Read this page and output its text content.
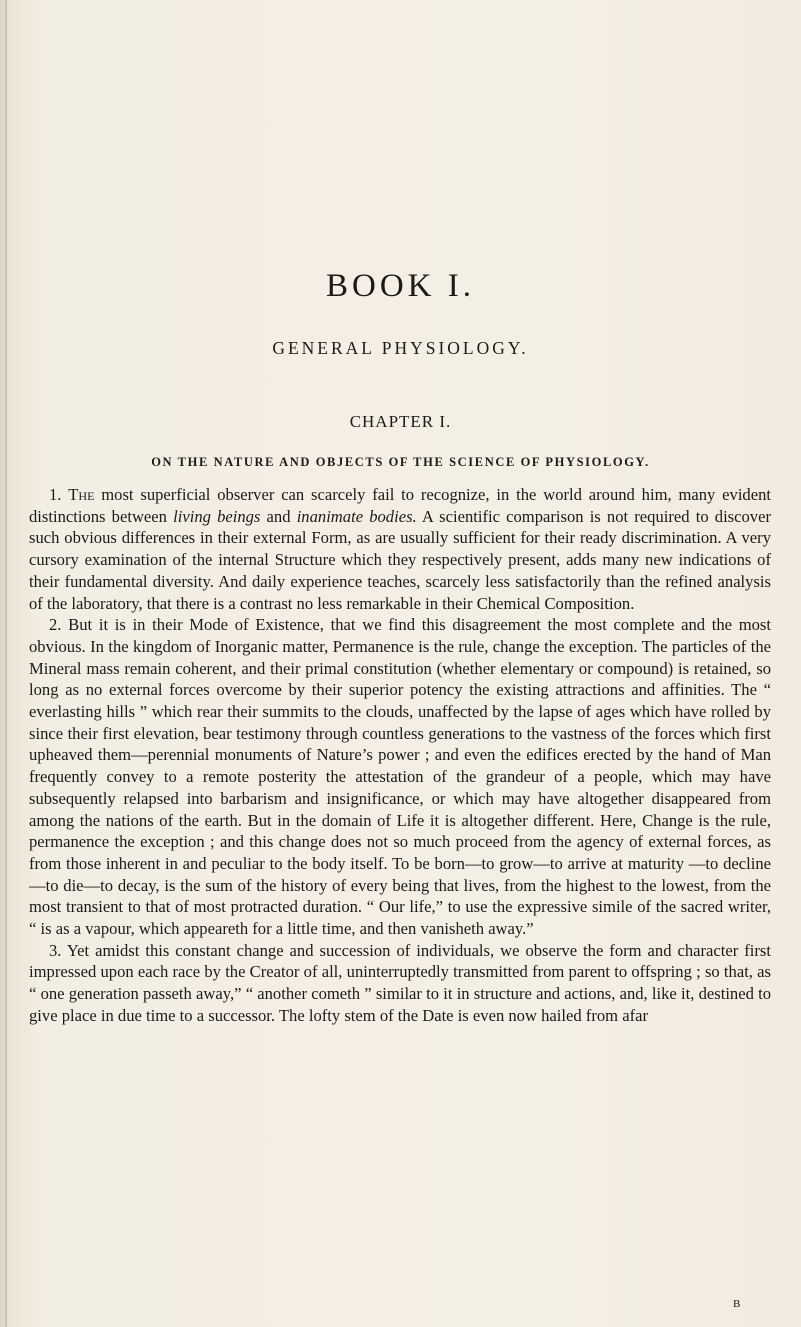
BOOK I.
GENERAL PHYSIOLOGY.
CHAPTER I.
ON THE NATURE AND OBJECTS OF THE SCIENCE OF PHYSIOLOGY.

1. The most superficial observer can scarcely fail to recognize, in the world around him, many evident distinctions between living beings and inanimate bodies. A scientific comparison is not required to discover such obvious differences in their external Form, as are usually sufficient for their ready discrimination. A very cursory examination of the internal Structure which they respectively present, adds many new indications of their fundamental diversity. And daily experience teaches, scarcely less satisfactorily than the refined analysis of the laboratory, that there is a contrast no less remarkable in their Chemical Composition.

2. But it is in their Mode of Existence, that we find this disagreement the most complete and the most obvious. In the kingdom of Inorganic matter, Permanence is the rule, change the exception. The particles of the Mineral mass remain coherent, and their primal constitution (whether elementary or compound) is retained, so long as no external forces overcome by their superior potency the existing attractions and affinities. The “ everlasting hills ” which rear their summits to the clouds, unaffected by the lapse of ages which have rolled by since their first elevation, bear testimony through countless generations to the vastness of the forces which first upheaved them—perennial monuments of Nature’s power ; and even the edifices erected by the hand of Man frequently convey to a remote posterity the attestation of the grandeur of a people, which may have subsequently relapsed into barbarism and insignificance, or which may have altogether disappeared from among the nations of the earth. But in the domain of Life it is altogether different. Here, Change is the rule, permanence the exception ; and this change does not so much proceed from the agency of external forces, as from those inherent in and peculiar to the body itself. To be born—to grow—to arrive at maturity —to decline—to die—to decay, is the sum of the history of every being that lives, from the highest to the lowest, from the most transient to that of most protracted duration. “ Our life,” to use the expressive simile of the sacred writer, “ is as a vapour, which appeareth for a little time, and then vanisheth away.”

3. Yet amidst this constant change and succession of individuals, we observe the form and character first impressed upon each race by the Creator of all, uninterruptedly transmitted from parent to offspring ; so that, as “ one generation passeth away,” “ another cometh ” similar to it in structure and actions, and, like it, destined to give place in due time to a successor. The lofty stem of the Date is even now hailed from afar

B
